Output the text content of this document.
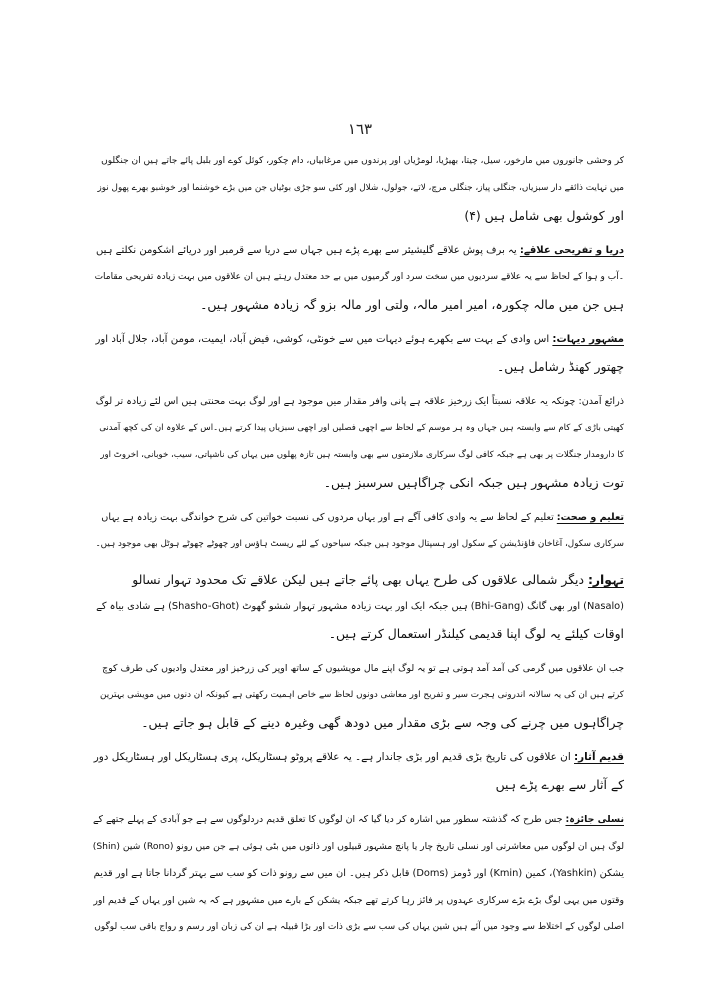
١٦٣
کر وحشی جانوروں میں مارخور، سیل، چیتا، بھیڑیا، لومڑیاں اور پرندوں میں مرغابیاں، دام چکور، کوئل کوے اور بلبل پائے جاتے ہیں ان جنگلوں
میں نہایت ذائقے دار سبزیاں، جنگلی پیاز، جنگلی مرچ، لاتے، جولول، شلال اور کئی سو جڑی بوٹیاں جن میں بڑے خوشنما اور خوشبو بھرے پھول نوز
اور کوشول بھی شامل ہیں (۴)
دریا و تفریحی علاقے: یہ برف پوش علاقے گلیشیئر سے بھرے پڑے ہیں جہاں سے دریا سے قرمبر اور دریائے اشکومن نکلتے ہیں
۔آب و ہوا کے لحاظ سے یہ علاقے سردیوں میں سخت سرد اور گرمیوں میں بے حد معتدل رہتے ہیں ان علاقوں میں بہت زیادہ تفریحی مقامات
ہیں جن میں مالہ چکورہ، امیر امیر مالہ، ولتی اور مالہ بزو گہ زیادہ مشہور ہیں۔
مشہور دیہات: اس وادی کے بہت سے بکھرے ہوئے دیہات میں سے خونٹی، کوشی، فیض آباد، ایمیت، مومن آباد، جلال آباد اور
چھتور کھنڈ رشامل ہیں۔
ذرائع آمدن: چونکہ یہ علاقہ نسبتاً ایک زرخیز علاقہ ہے پانی وافر مقدار میں موجود ہے اور لوگ بہت محنتی ہیں اس لئے زیادہ تر لوگ
کھیتی باڑی کے کام سے وابستہ ہیں جہاں وہ ہر موسم کے لحاظ سے اچھی فصلیں اور اچھی سبزیاں پیدا کرتے ہیں۔اس کے علاوہ ان کی کچھ آمدنی
کا دارومدار جنگلات پر بھی ہے جبکہ کافی لوگ سرکاری ملازمتوں سے بھی وابستہ ہیں تازہ پھلوں میں یہاں کی ناشپاتی، سیب، خوبانی، اخروٹ اور
توت زیادہ مشہور ہیں جبکہ انکی چراگاہیں سرسبز ہیں۔
تعلیم و صحت: تعلیم کے لحاظ سے یہ وادی کافی آگے ہے اور یہاں مردوں کی نسبت خواتین کی شرح خواندگی بہت زیادہ ہے یہاں
سرکاری سکول، آغاخان فاؤنڈیشن کے سکول اور ہسپتال موجود ہیں جبکہ سیاحوں کے لئے ریسٹ ہاؤس اور چھوٹے چھوٹے ہوٹل بھی موجود ہیں۔
تہوار: دیگر شمالی علاقوں کی طرح یہاں بھی پائے جاتے ہیں لیکن علاقے تک محدود تہوار نسالو
(Nasalo) اور بھی گانگ (Bhi-Gang) ہیں جبکہ ایک اور بہت زیادہ مشہور تہوار ششو گھوٹ (Shasho-Ghot) ہے شادی بیاہ کے
اوقات کیلئے یہ لوگ اپنا قدیمی کیلنڈر استعمال کرتے ہیں۔
جب ان علاقوں میں گرمی کی آمد آمد ہوتی ہے تو یہ لوگ اپنے مال مویشیوں کے ساتھ اوپر کی زرخیز اور معتدل وادیوں کی طرف کوچ
کرتے ہیں ان کی یہ سالانہ اندرونی ہجرت سیر و تفریح اور معاشی دونوں لحاظ سے خاص اہمیت رکھتی ہے کیونکہ ان دنوں میں مویشی بہترین
چراگاہوں میں چرنے کی وجہ سے بڑی مقدار میں دودھ گھی وغیرہ دینے کے قابل ہو جاتے ہیں۔
قدیم آثار: ان علاقوں کی تاریخ بڑی قدیم اور بڑی جاندار ہے۔ یہ علاقے پروٹو ہسٹاریکل، پری ہسٹاریکل اور ہسٹاریکل دور
کے آثار سے بھرے پڑے ہیں
نسلی جائزہ: جس طرح کہ گذشتہ سطور میں اشارہ کر دیا گیا کہ ان لوگوں کا تعلق قدیم دردلوگوں سے ہے جو آبادی کے پہلے جتھے کے
لوگ ہیں ان لوگوں میں معاشرتی اور نسلی تاریخ چار یا پانچ مشہور قبیلوں اور ذاتوں میں بٹی ہوئی ہے جن میں رونو (Rono) شین (Shin)
یشکن (Yashkin)، کمین (Kmin) اور ڈومز (Doms) قابل ذکر ہیں۔ ان میں سے رونو ذات کو سب سے بہتر گردانا جاتا ہے اور قدیم
وقتوں میں یہی لوگ بڑے بڑے سرکاری عہدوں پر فائز رہا کرتے تھے جبکہ یشکن کے بارے میں مشہور ہے کہ یہ شین اور یہاں کے قدیم اور
اصلی لوگوں کے اختلاط سے وجود میں آئے ہیں شین یہاں کی سب سے بڑی ذات اور بڑا قبیلہ ہے ان کی زبان اور رسم و رواج باقی سب لوگوں
